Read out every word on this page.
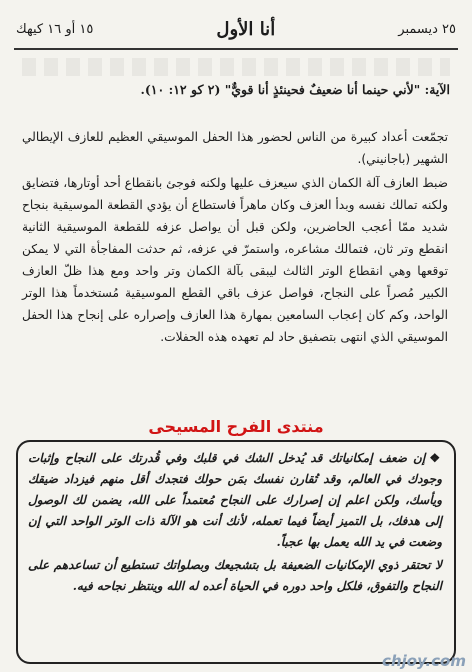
٢٥ ديسمبر
أنا الأول
١٥ أو ١٦ كيهك
الآية: "لأني حينما أنا ضعيفٌ فحينئذٍ أنا قويٌّ" (٢ كو ١٢: ١٠).

تجمّعت أعداد كبيرة من الناس لحضور هذا الحفل الموسيقي العظيم للعازف الإيطالي الشهير (باجانيني).

ضبط العازف آلة الكمان الذي سيعزف عليها ولكنه فوجئ بانقطاع أحد أوتارها، فتضايق ولكنه تمالك نفسه وبدأ العزف وكان ماهراً فاستطاع أن يؤدي القطعة الموسيقية بنجاح شديد ممّا أعجب الحاضرين، ولكن قبل أن يواصل عزفه للقطعة الموسيقية الثانية انقطع وتر ثان، فتمالك مشاعره، واستمرّ في عزفه، ثم حدثت المفاجأة التي لا يمكن توقعها وهي انقطاع الوتر الثالث ليبقى بآلة الكمان وتر واحد ومع هذا ظلّ العازف الكبير مُصراً على النجاح، فواصل عزف باقي القطع الموسيقية مُستخدماً هذا الوتر الواحد، وكم كان إعجاب السامعين بمهارة هذا العازف وإصراره على إنجاح هذا الحفل الموسيقي الذي انتهى بتصفيق حاد لم تعهده هذه الحفلات.

منتدى الفرح المسيحى

❖ إن ضعف إمكانياتك قد يُدخل الشك في قلبك وفي قُدرتك على النجاح وإثبات وجودك في العالم، وقد تُقارن نفسك بمَن حولك فتجدك أقل منهم فيزداد ضيقك ويأسك، ولكن اعلم إن إصرارك على النجاح مُعتمداً على الله، يضمن لك الوصول إلى هدفك، بل التميز أيضاً فيما تعمله، لأنك أنت هو الآلة ذات الوتر الواحد التي إن وضعت في يد الله يعمل بها عجباً.

لا تحتقر ذوي الإمكانيات الضعيفة بل بتشجيعك وبصلواتك تستطيع أن تساعدهم على النجاح والتفوق، فلكل واحد دوره في الحياة أعده له الله وينتظر نجاحه فيه.

chjoy.com
